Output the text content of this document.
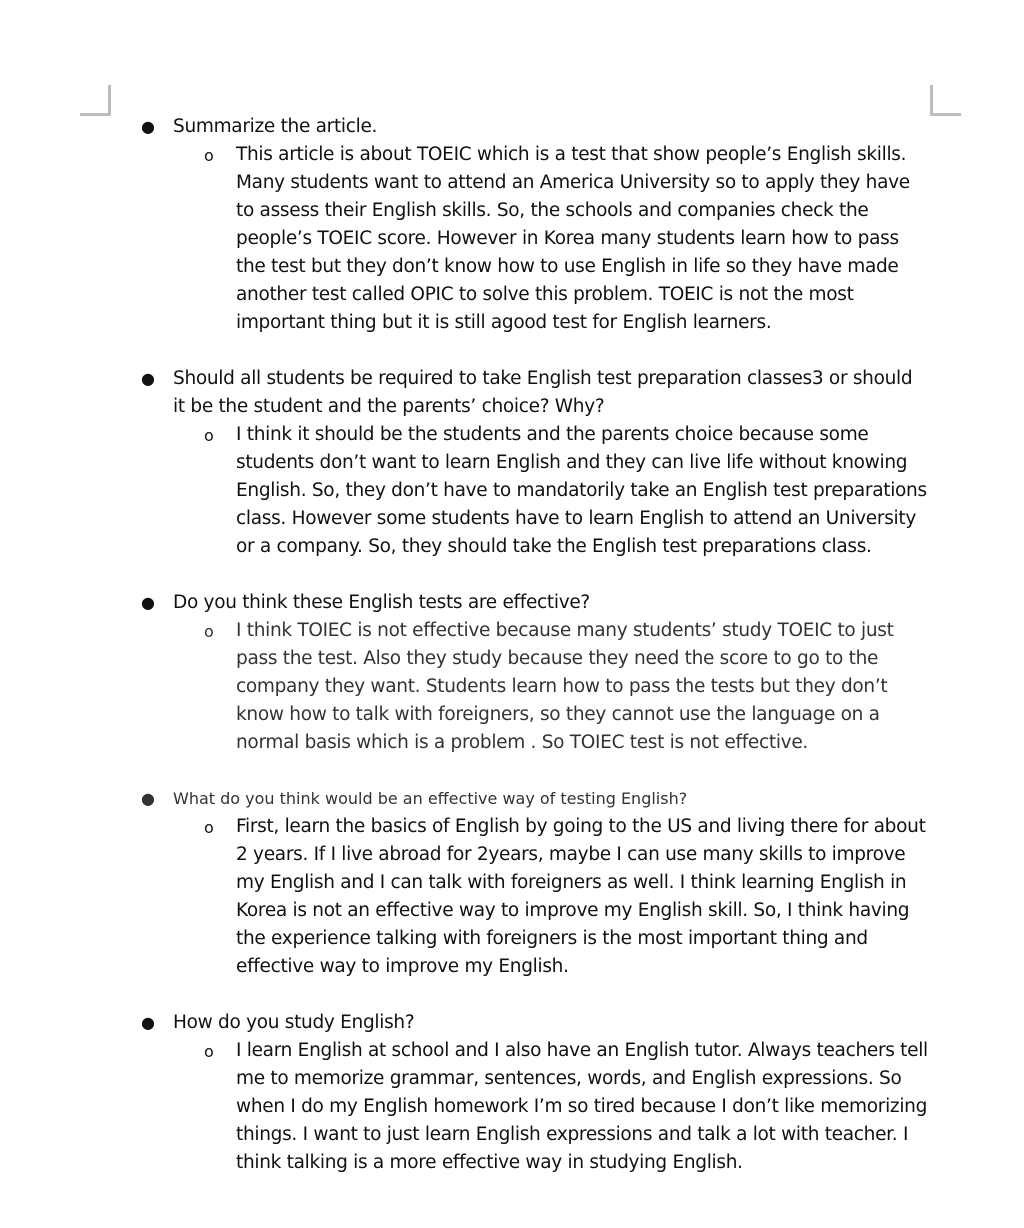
● Summarize the article.
o This article is about TOEIC which is a test that show people’s English skills. Many students want to attend an America University so to apply they have to assess their English skills. So, the schools and companies check the people’s TOEIC score. However in Korea many students learn how to pass the test but they don’t know how to use English in life so they have made another test called OPIC to solve this problem. TOEIC is not the most important thing but it is still agood test for English learners.
● Should all students be required to take English test preparation classes3 or should it be the student and the parents’ choice? Why?
o I think it should be the students and the parents choice because some students don’t want to learn English and they can live life without knowing English. So, they don’t have to mandatorily take an English test preparations class. However some students have to learn English to attend an University or a company. So, they should take the English test preparations class.
● Do you think these English tests are effective?
o I think TOIEC is not effective because many students’ study TOEIC to just pass the test. Also they study because they need the score to go to the company they want. Students learn how to pass the tests but they don’t know how to talk with foreigners, so they cannot use the language on a normal basis which is a problem . So TOIEC test is not effective.
● What do you think would be an effective way of testing English?
o First, learn the basics of English by going to the US and living there for about 2 years. If I live abroad for 2years, maybe I can use many skills to improve my English and I can talk with foreigners as well. I think learning English in Korea is not an effective way to improve my English skill. So, I think having the experience talking with foreigners is the most important thing and effective way to improve my English.
● How do you study English?
o I learn English at school and I also have an English tutor. Always teachers tell me to memorize grammar, sentences, words, and English expressions. So when I do my English homework I’m so tired because I don’t like memorizing things. I want to just learn English expressions and talk a lot with teacher. I think talking is a more effective way in studying English.
